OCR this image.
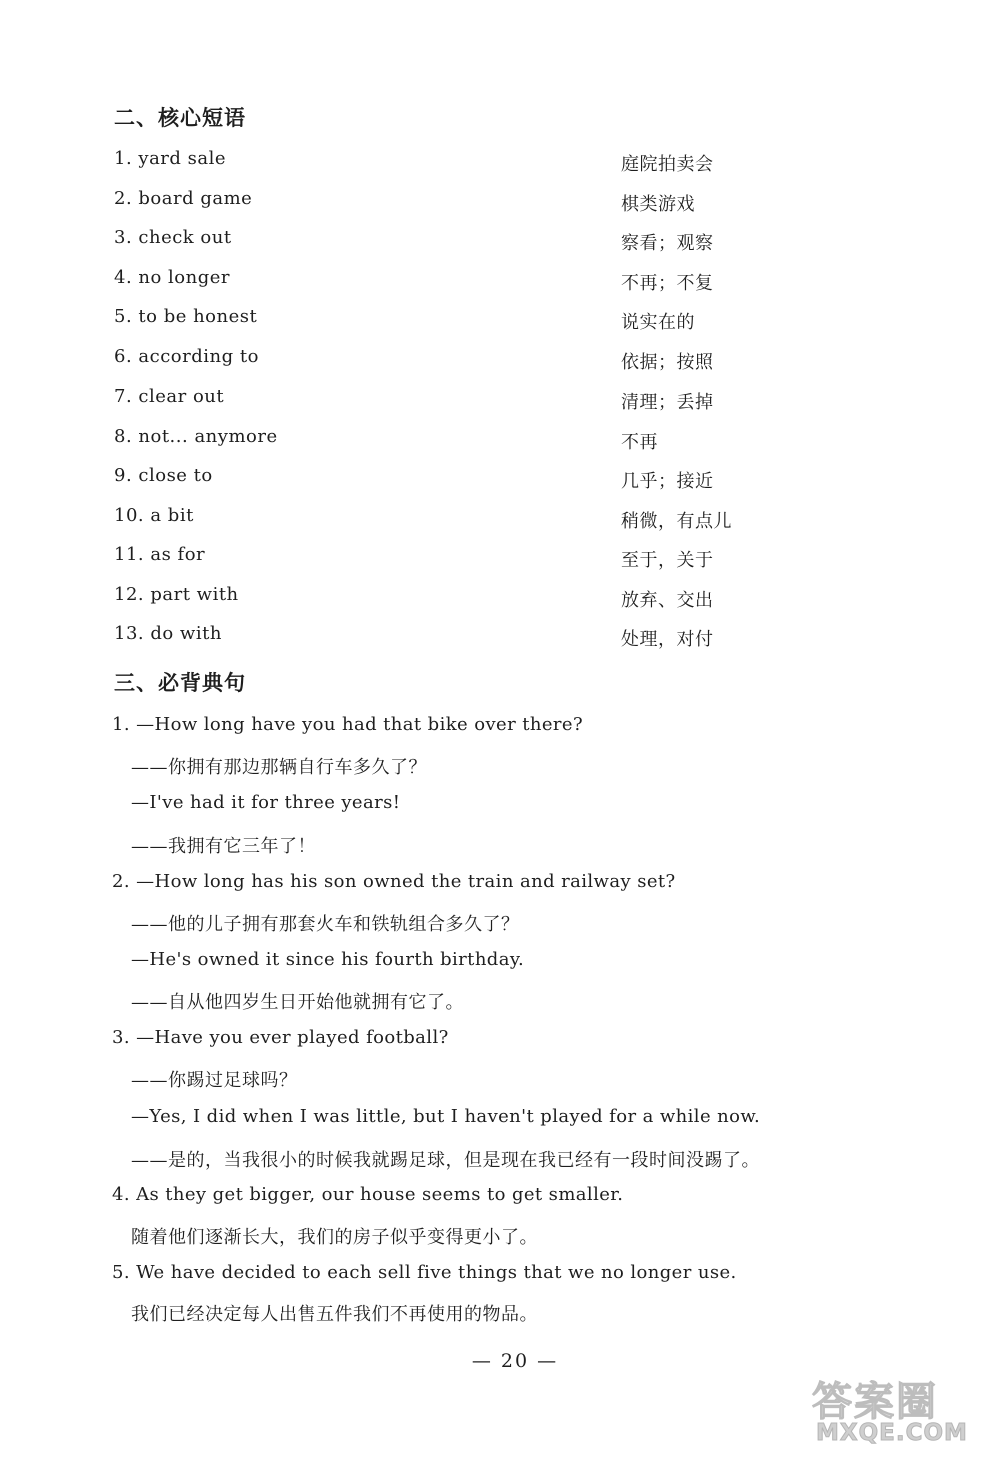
二、核心短语
1. yard sale	庭院拍卖会
2. board game	棋类游戏
3. check out	察看；观察
4. no longer	不再；不复
5. to be honest	说实在的
6. according to	依据；按照
7. clear out	清理；丢掉
8. not... anymore	不再
9. close to	几乎；接近
10. a bit	稍微，有点儿
11. as for	至于，关于
12. part with	放弃、交出
13. do with	处理，对付
三、必背典句
1. —How long have you had that bike over there?
——你拥有那边那辆自行车多久了？
—I've had it for three years!
——我拥有它三年了！
2. —How long has his son owned the train and railway set?
——他的儿子拥有那套火车和铁轨组合多久了？
—He's owned it since his fourth birthday.
——自从他四岁生日开始他就拥有它了。
3. —Have you ever played football?
——你踢过足球吗？
—Yes, I did when I was little, but I haven't played for a while now.
——是的，当我很小的时候我就踢足球，但是现在我已经有一段时间没踢了。
4. As they get bigger, our house seems to get smaller.
随着他们逐渐长大，我们的房子似乎变得更小了。
5. We have decided to each sell five things that we no longer use.
我们已经决定每人出售五件我们不再使用的物品。
— 20 —
答案圈
MXQE.COM
